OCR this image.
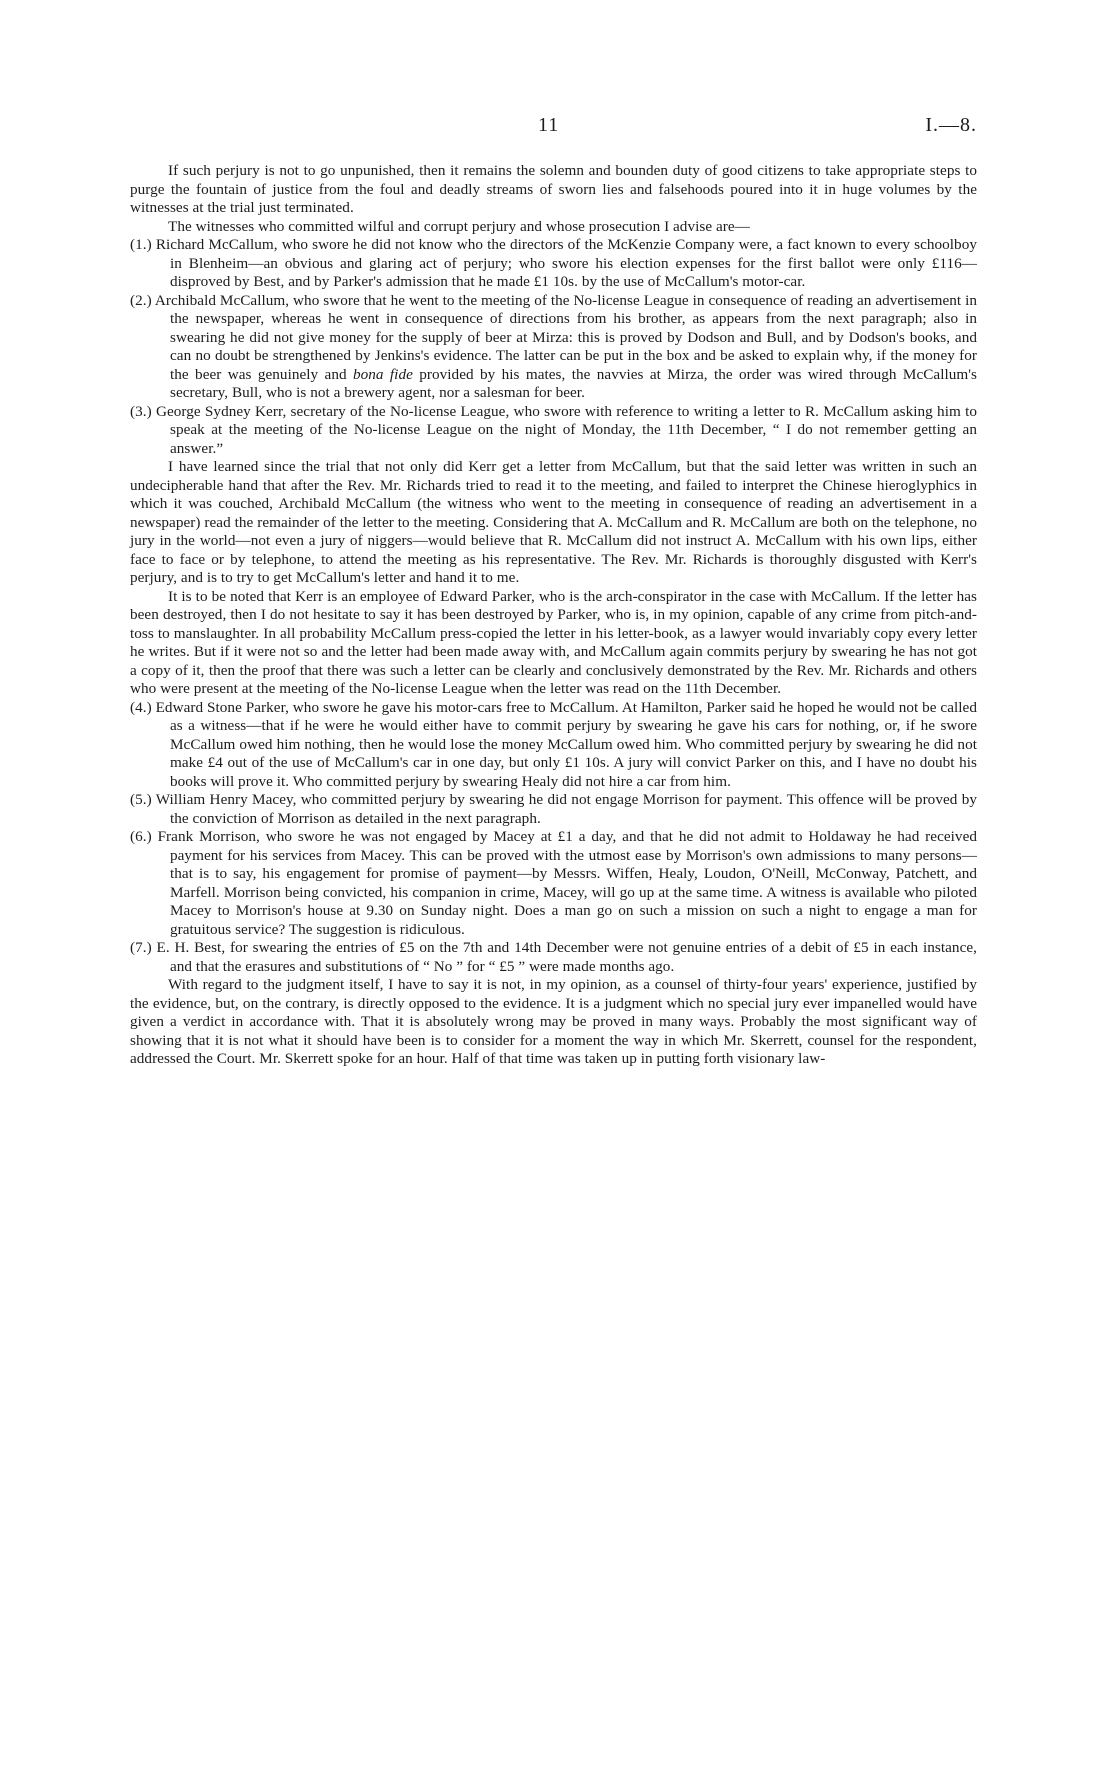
11	I.—8.

If such perjury is not to go unpunished, then it remains the solemn and bounden duty of good citizens to take appropriate steps to purge the fountain of justice from the foul and deadly streams of sworn lies and falsehoods poured into it in huge volumes by the witnesses at the trial just terminated.

The witnesses who committed wilful and corrupt perjury and whose prosecution I advise are—

(1.) Richard McCallum, who swore he did not know who the directors of the McKenzie Company were, a fact known to every schoolboy in Blenheim—an obvious and glaring act of perjury; who swore his election expenses for the first ballot were only £116—disproved by Best, and by Parker's admission that he made £1 10s. by the use of McCallum's motor-car.

(2.) Archibald McCallum, who swore that he went to the meeting of the No-license League in consequence of reading an advertisement in the newspaper, whereas he went in consequence of directions from his brother, as appears from the next paragraph; also in swearing he did not give money for the supply of beer at Mirza: this is proved by Dodson and Bull, and by Dodson's books, and can no doubt be strengthened by Jenkins's evidence. The latter can be put in the box and be asked to explain why, if the money for the beer was genuinely and bona fide provided by his mates, the navvies at Mirza, the order was wired through McCallum's secretary, Bull, who is not a brewery agent, nor a salesman for beer.

(3.) George Sydney Kerr, secretary of the No-license League, who swore with reference to writing a letter to R. McCallum asking him to speak at the meeting of the No-license League on the night of Monday, the 11th December, “ I do not remember getting an answer.”

I have learned since the trial that not only did Kerr get a letter from McCallum, but that the said letter was written in such an undecipherable hand that after the Rev. Mr. Richards tried to read it to the meeting, and failed to interpret the Chinese hieroglyphics in which it was couched, Archibald McCallum (the witness who went to the meeting in consequence of reading an advertisement in a newspaper) read the remainder of the letter to the meeting. Considering that A. McCallum and R. McCallum are both on the telephone, no jury in the world—not even a jury of niggers—would believe that R. McCallum did not instruct A. McCallum with his own lips, either face to face or by telephone, to attend the meeting as his representative. The Rev. Mr. Richards is thoroughly disgusted with Kerr's perjury, and is to try to get McCallum's letter and hand it to me.

It is to be noted that Kerr is an employee of Edward Parker, who is the arch-conspirator in the case with McCallum. If the letter has been destroyed, then I do not hesitate to say it has been destroyed by Parker, who is, in my opinion, capable of any crime from pitch-and-toss to manslaughter. In all probability McCallum press-copied the letter in his letter-book, as a lawyer would invariably copy every letter he writes. But if it were not so and the letter had been made away with, and McCallum again commits perjury by swearing he has not got a copy of it, then the proof that there was such a letter can be clearly and conclusively demonstrated by the Rev. Mr. Richards and others who were present at the meeting of the No-license League when the letter was read on the 11th December.

(4.) Edward Stone Parker, who swore he gave his motor-cars free to McCallum. At Hamilton, Parker said he hoped he would not be called as a witness—that if he were he would either have to commit perjury by swearing he gave his cars for nothing, or, if he swore McCallum owed him nothing, then he would lose the money McCallum owed him. Who committed perjury by swearing he did not make £4 out of the use of McCallum's car in one day, but only £1 10s. A jury will convict Parker on this, and I have no doubt his books will prove it. Who committed perjury by swearing Healy did not hire a car from him.

(5.) William Henry Macey, who committed perjury by swearing he did not engage Morrison for payment. This offence will be proved by the conviction of Morrison as detailed in the next paragraph.

(6.) Frank Morrison, who swore he was not engaged by Macey at £1 a day, and that he did not admit to Holdaway he had received payment for his services from Macey. This can be proved with the utmost ease by Morrison's own admissions to many persons—that is to say, his engagement for promise of payment—by Messrs. Wiffen, Healy, Loudon, O'Neill, McConway, Patchett, and Marfell. Morrison being convicted, his companion in crime, Macey, will go up at the same time. A witness is available who piloted Macey to Morrison's house at 9.30 on Sunday night. Does a man go on such a mission on such a night to engage a man for gratuitous service? The suggestion is ridiculous.

(7.) E. H. Best, for swearing the entries of £5 on the 7th and 14th December were not genuine entries of a debit of £5 in each instance, and that the erasures and substitutions of “ No ” for “ £5 ” were made months ago.

With regard to the judgment itself, I have to say it is not, in my opinion, as a counsel of thirty-four years' experience, justified by the evidence, but, on the contrary, is directly opposed to the evidence. It is a judgment which no special jury ever impanelled would have given a verdict in accordance with. That it is absolutely wrong may be proved in many ways. Probably the most significant way of showing that it is not what it should have been is to consider for a moment the way in which Mr. Skerrett, counsel for the respondent, addressed the Court. Mr. Skerrett spoke for an hour. Half of that time was taken up in putting forth visionary law-
